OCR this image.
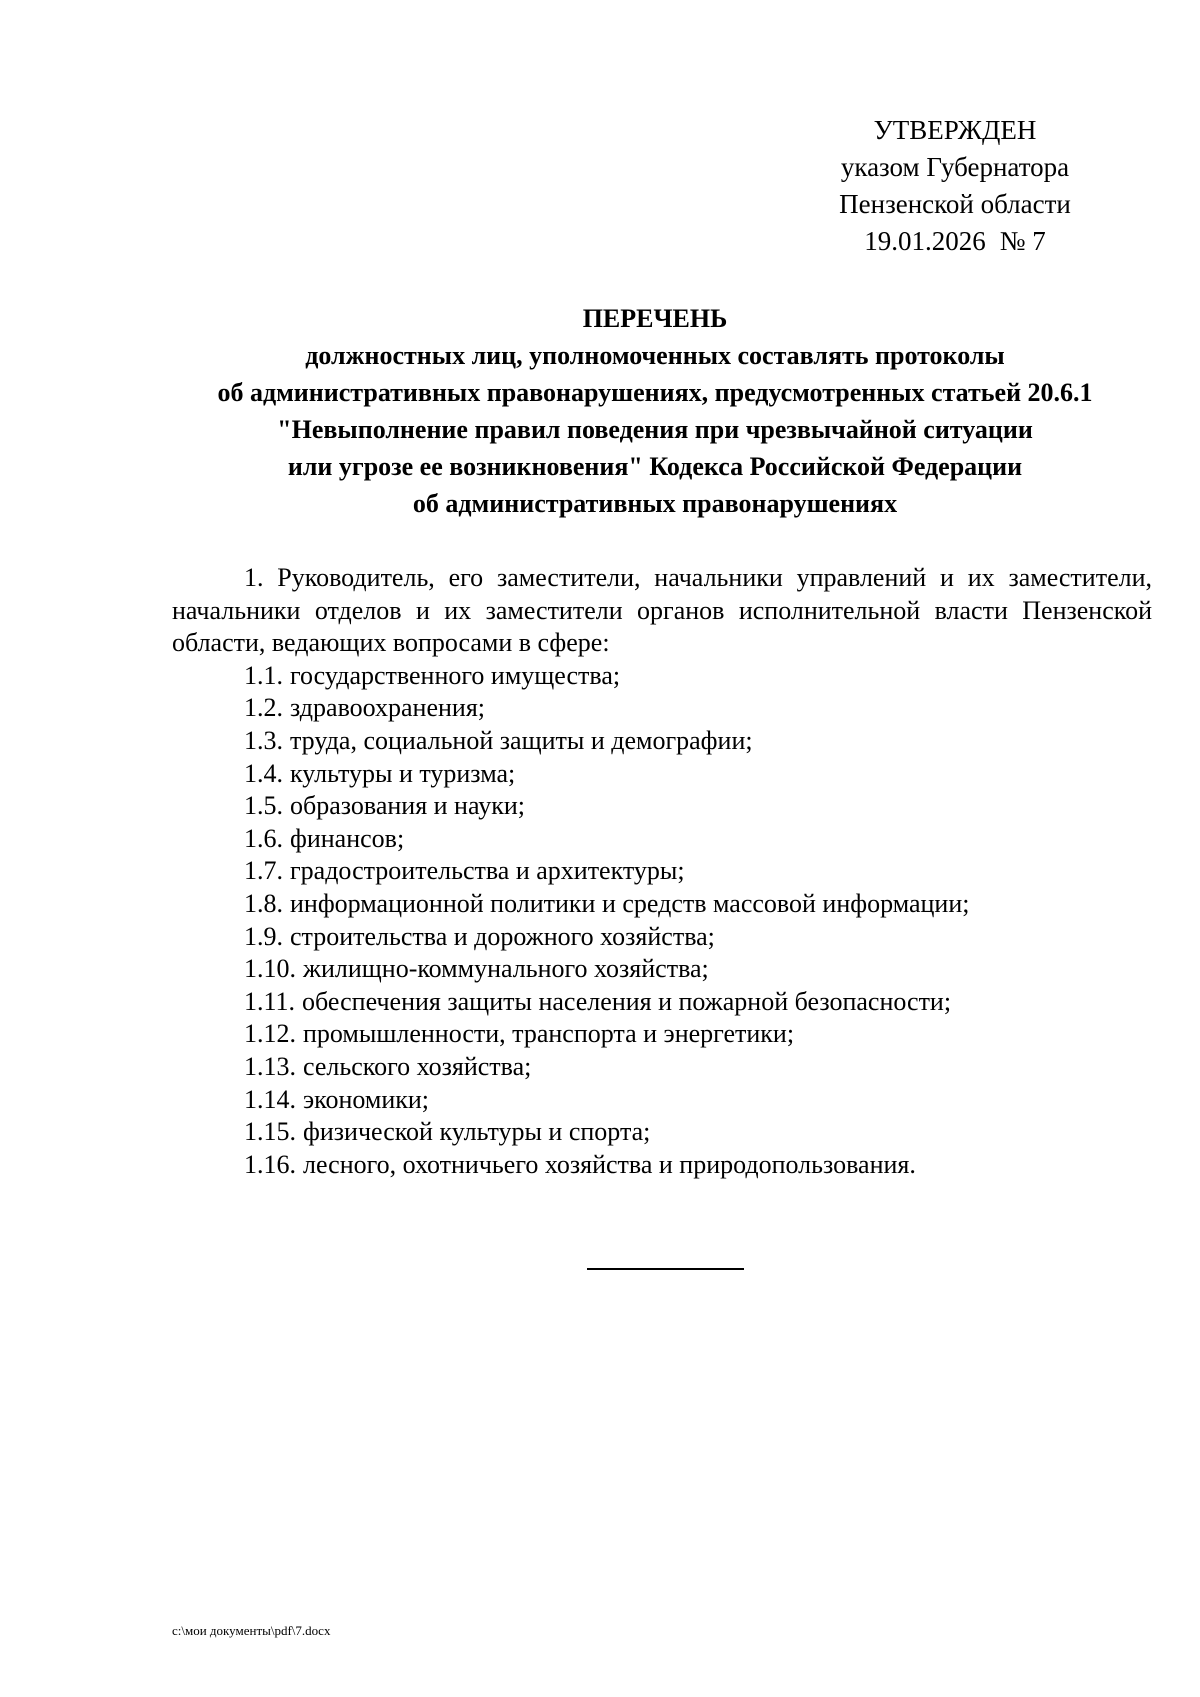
УТВЕРЖДЕН
указом Губернатора
Пензенской области
19.01.2026 № 7
ПЕРЕЧЕНЬ
должностных лиц, уполномоченных составлять протоколы
об административных правонарушениях, предусмотренных статьей 20.6.1
"Невыполнение правил поведения при чрезвычайной ситуации
или угрозе ее возникновения" Кодекса Российской Федерации
об административных правонарушениях

1. Руководитель, его заместители, начальники управлений и их заместители, начальники отделов и их заместители органов исполнительной власти Пензенской области, ведающих вопросами в сфере:

1.1. государственного имущества;
1.2. здравоохранения;
1.3. труда, социальной защиты и демографии;
1.4. культуры и туризма;
1.5. образования и науки;
1.6. финансов;
1.7. градостроительства и архитектуры;
1.8. информационной политики и средств массовой информации;
1.9. строительства и дорожного хозяйства;
1.10. жилищно-коммунального хозяйства;
1.11. обеспечения защиты населения и пожарной безопасности;
1.12. промышленности, транспорта и энергетики;
1.13. сельского хозяйства;
1.14. экономики;
1.15. физической культуры и спорта;
1.16. лесного, охотничьего хозяйства и природопользования.
c:\мои документы\pdf\7.docx
